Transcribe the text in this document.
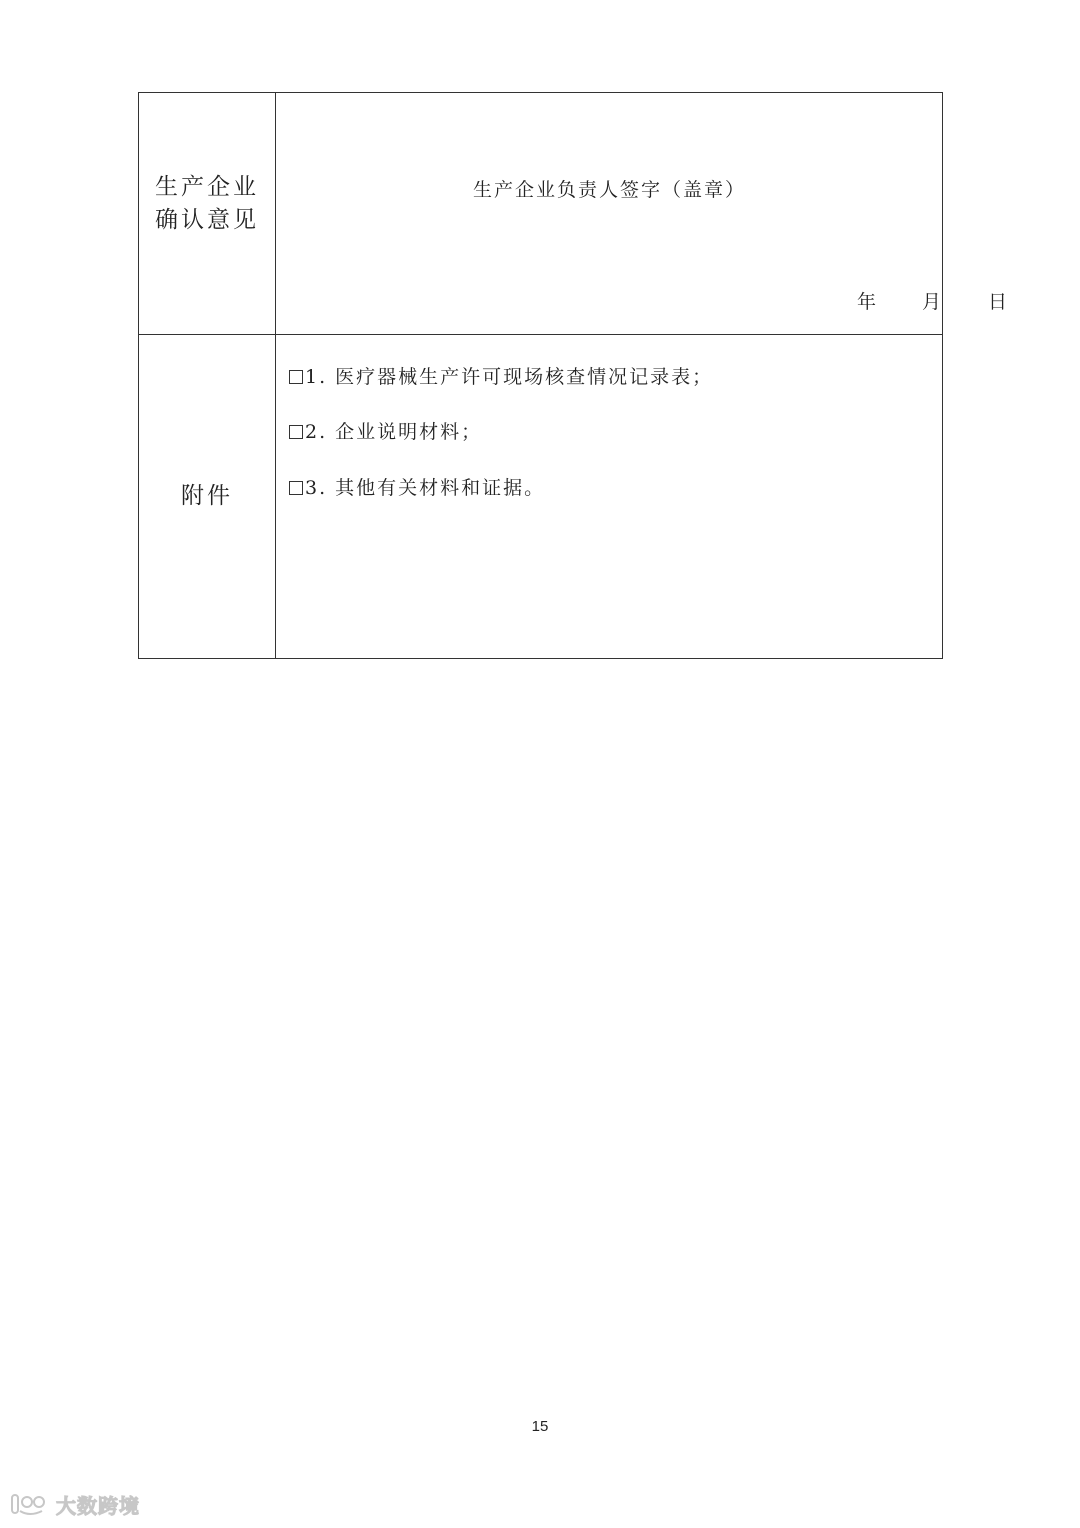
生产企业确认意见
生产企业负责人签字（盖章）
年 月 日
附件
1. 医疗器械生产许可现场核查情况记录表；
2. 企业说明材料；
3. 其他有关材料和证据。
15
大数跨境
